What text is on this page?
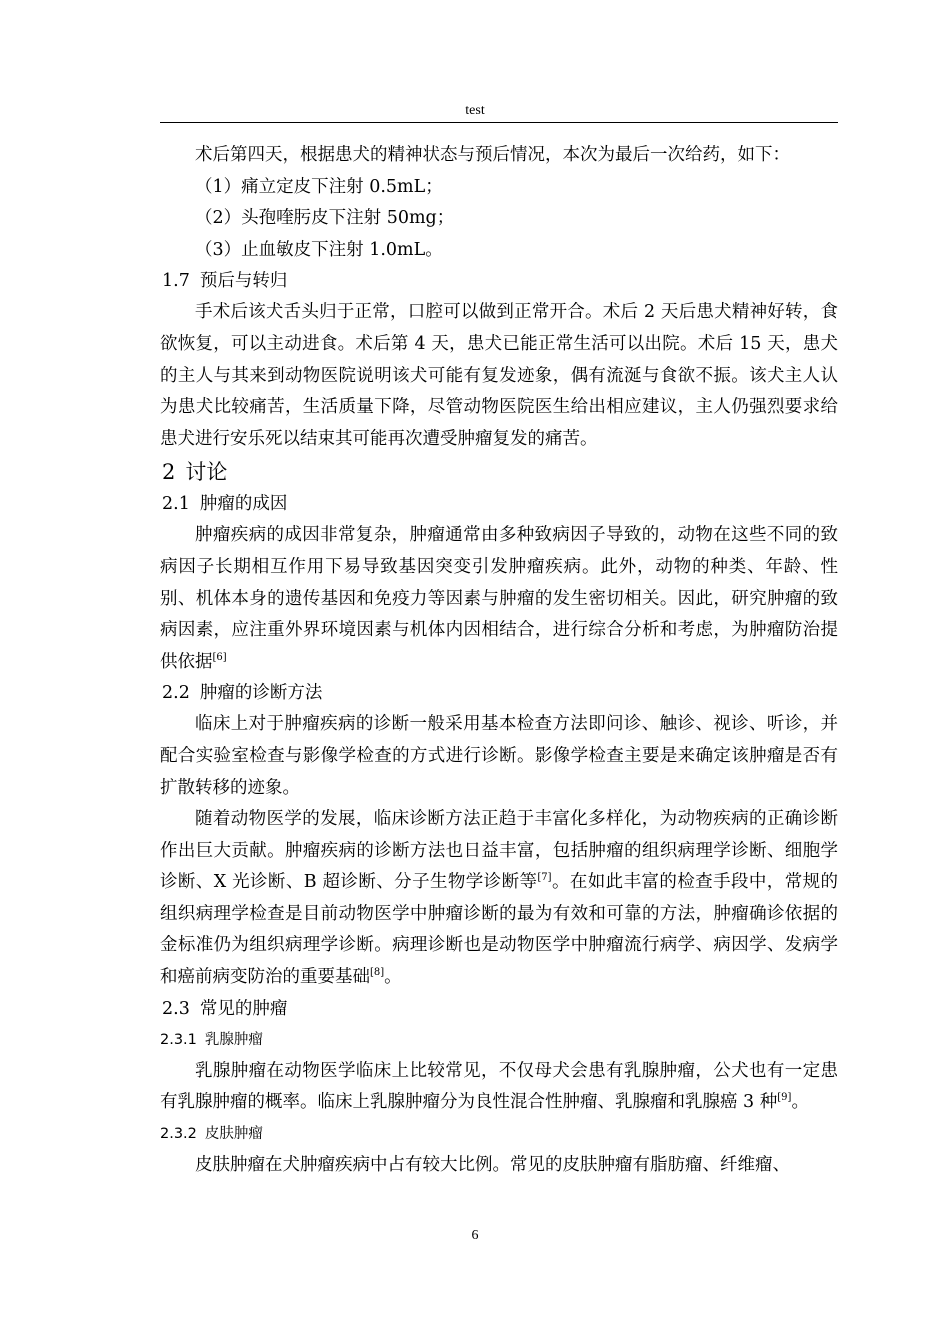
test

术后第四天，根据患犬的精神状态与预后情况，本次为最后一次给药，如下：

（1）痛立定皮下注射 0.5mL；

（2）头孢喹肟皮下注射 50mg；

（3）止血敏皮下注射 1.0mL。

1.7 预后与转归

手术后该犬舌头归于正常，口腔可以做到正常开合。术后 2 天后患犬精神好转，食欲恢复，可以主动进食。术后第 4 天，患犬已能正常生活可以出院。术后 15 天，患犬的主人与其来到动物医院说明该犬可能有复发迹象，偶有流涎与食欲不振。该犬主人认为患犬比较痛苦，生活质量下降，尽管动物医院医生给出相应建议，主人仍强烈要求给患犬进行安乐死以结束其可能再次遭受肿瘤复发的痛苦。

2 讨论
2.1 肿瘤的成因

肿瘤疾病的成因非常复杂，肿瘤通常由多种致病因子导致的，动物在这些不同的致病因子长期相互作用下易导致基因突变引发肿瘤疾病。此外，动物的种类、年龄、性别、机体本身的遗传基因和免疫力等因素与肿瘤的发生密切相关。因此，研究肿瘤的致病因素，应注重外界环境因素与机体内因相结合，进行综合分析和考虑，为肿瘤防治提供依据[6]

2.2 肿瘤的诊断方法

临床上对于肿瘤疾病的诊断一般采用基本检查方法即问诊、触诊、视诊、听诊，并配合实验室检查与影像学检查的方式进行诊断。影像学检查主要是来确定该肿瘤是否有扩散转移的迹象。

随着动物医学的发展，临床诊断方法正趋于丰富化多样化，为动物疾病的正确诊断作出巨大贡献。肿瘤疾病的诊断方法也日益丰富，包括肿瘤的组织病理学诊断、细胞学诊断、X 光诊断、B 超诊断、分子生物学诊断等[7]。在如此丰富的检查手段中，常规的组织病理学检查是目前动物医学中肿瘤诊断的最为有效和可靠的方法，肿瘤确诊依据的金标准仍为组织病理学诊断。病理诊断也是动物医学中肿瘤流行病学、病因学、发病学和癌前病变防治的重要基础[8]。

2.3 常见的肿瘤
2.3.1 乳腺肿瘤

乳腺肿瘤在动物医学临床上比较常见，不仅母犬会患有乳腺肿瘤，公犬也有一定患有乳腺肿瘤的概率。临床上乳腺肿瘤分为良性混合性肿瘤、乳腺瘤和乳腺癌 3 种[9]。

2.3.2 皮肤肿瘤

皮肤肿瘤在犬肿瘤疾病中占有较大比例。常见的皮肤肿瘤有脂肪瘤、纤维瘤、

6
